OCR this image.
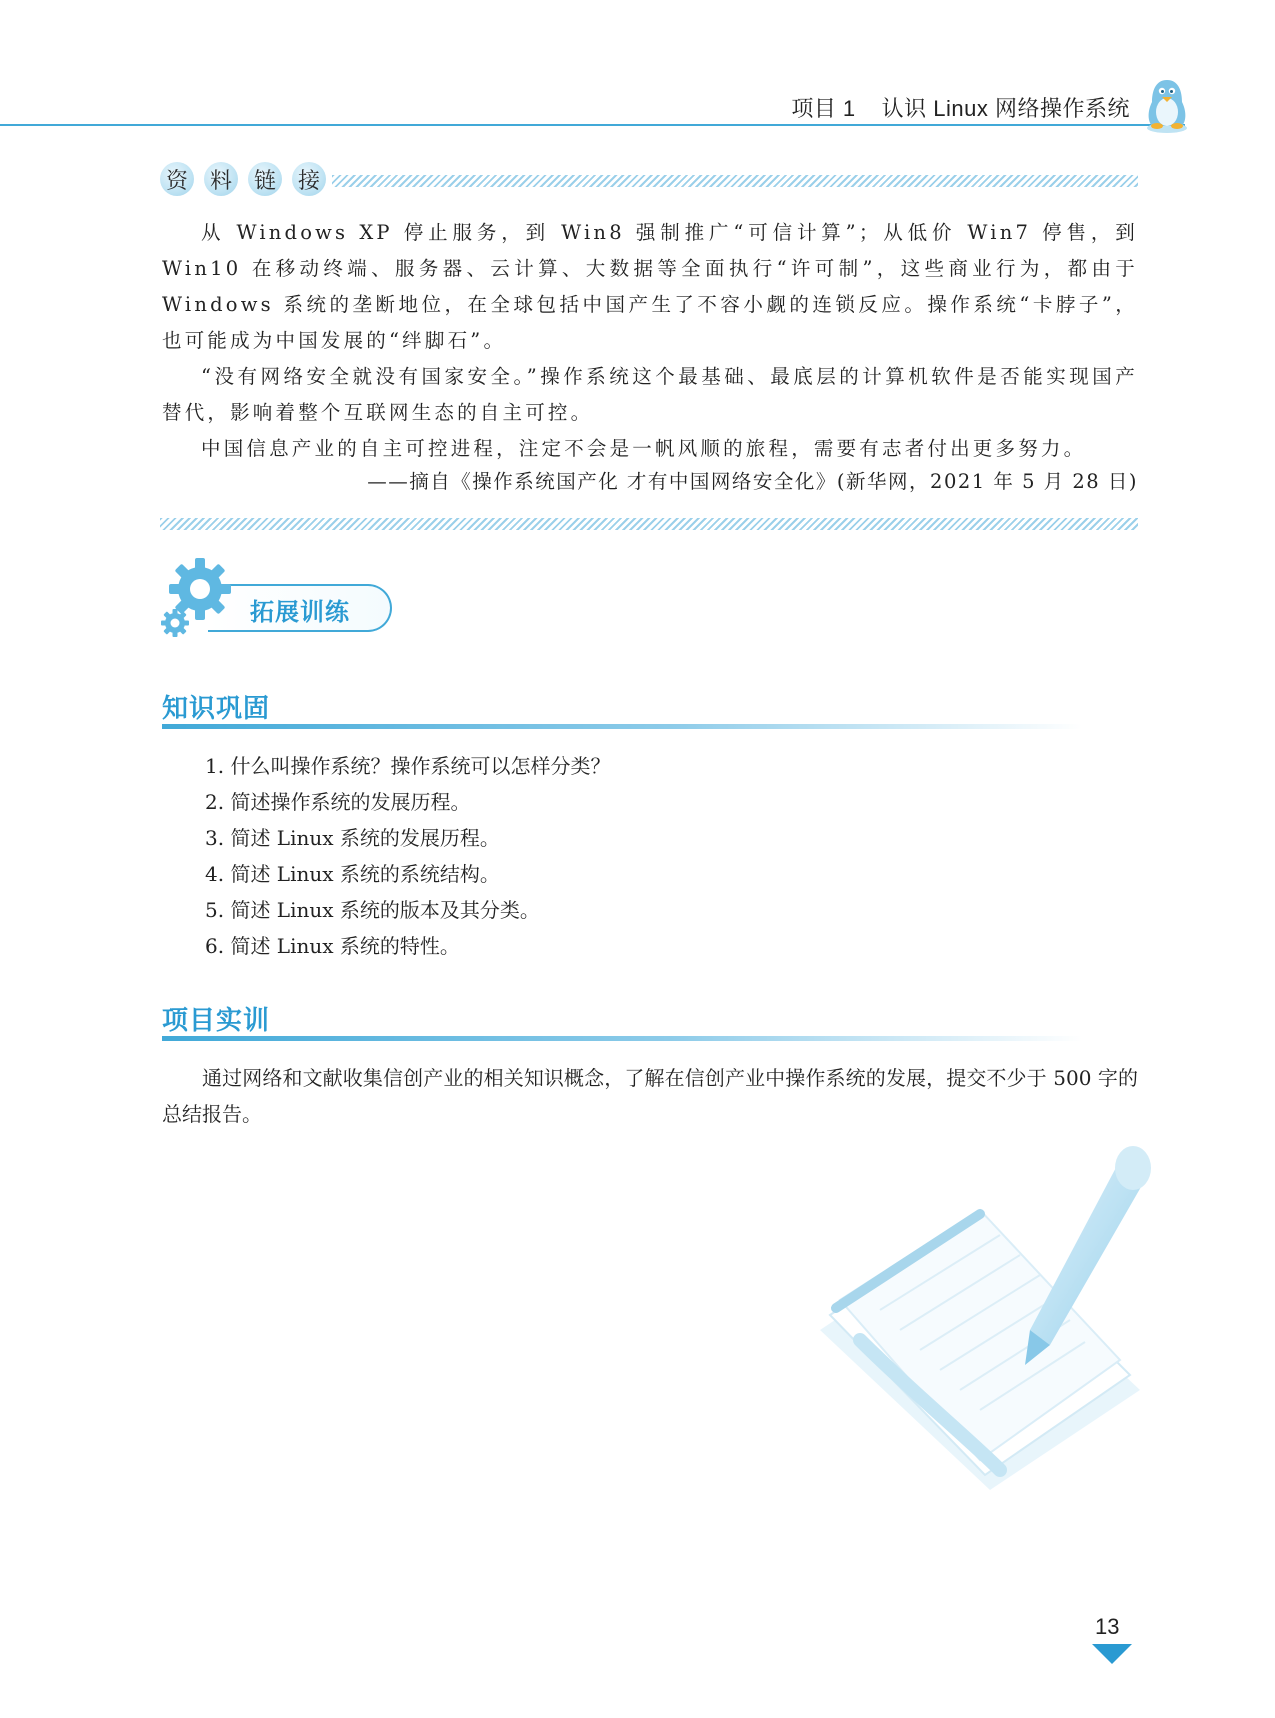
项目 1 认识 Linux 网络操作系统
资 料 链 接

从 Windows XP 停止服务，到 Win8 强制推广“可信计算”；从低价 Win7 停售，到 Win10 在移动终端、服务器、云计算、大数据等全面执行“许可制”，这些商业行为，都由于 Windows 系统的垄断地位，在全球包括中国产生了不容小觑的连锁反应。操作系统“卡脖子”，也可能成为中国发展的“绊脚石”。

“没有网络安全就没有国家安全。”操作系统这个最基础、最底层的计算机软件是否能实现国产替代，影响着整个互联网生态的自主可控。

中国信息产业的自主可控进程，注定不会是一帆风顺的旅程，需要有志者付出更多努力。

——摘自《操作系统国产化 才有中国网络安全化》(新华网，2021 年 5 月 28 日)
拓展训练
知识巩固
1. 什么叫操作系统？操作系统可以怎样分类？
2. 简述操作系统的发展历程。
3. 简述 Linux 系统的发展历程。
4. 简述 Linux 系统的系统结构。
5. 简述 Linux 系统的版本及其分类。
6. 简述 Linux 系统的特性。
项目实训

通过网络和文献收集信创产业的相关知识概念，了解在信创产业中操作系统的发展，提交不少于 500 字的总结报告。

13
